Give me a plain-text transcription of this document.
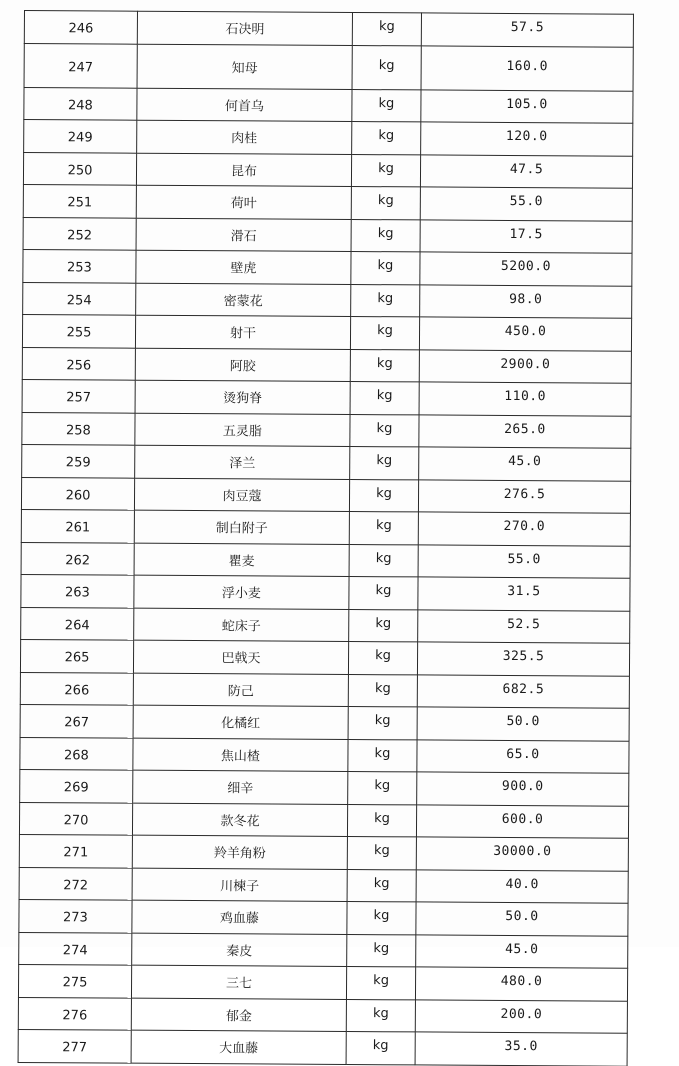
246	石决明	kg	57.5
247	知母	kg	160.0
248	何首乌	kg	105.0
249	肉桂	kg	120.0
250	昆布	kg	47.5
251	荷叶	kg	55.0
252	滑石	kg	17.5
253	壁虎	kg	5200.0
254	密蒙花	kg	98.0
255	射干	kg	450.0
256	阿胶	kg	2900.0
257	烫狗脊	kg	110.0
258	五灵脂	kg	265.0
259	泽兰	kg	45.0
260	肉豆蔻	kg	276.5
261	制白附子	kg	270.0
262	瞿麦	kg	55.0
263	浮小麦	kg	31.5
264	蛇床子	kg	52.5
265	巴戟天	kg	325.5
266	防己	kg	682.5
267	化橘红	kg	50.0
268	焦山楂	kg	65.0
269	细辛	kg	900.0
270	款冬花	kg	600.0
271	羚羊角粉	kg	30000.0
272	川楝子	kg	40.0
273	鸡血藤	kg	50.0
274	秦皮	kg	45.0
275	三七	kg	480.0
276	郁金	kg	200.0
277	大血藤	kg	35.0
